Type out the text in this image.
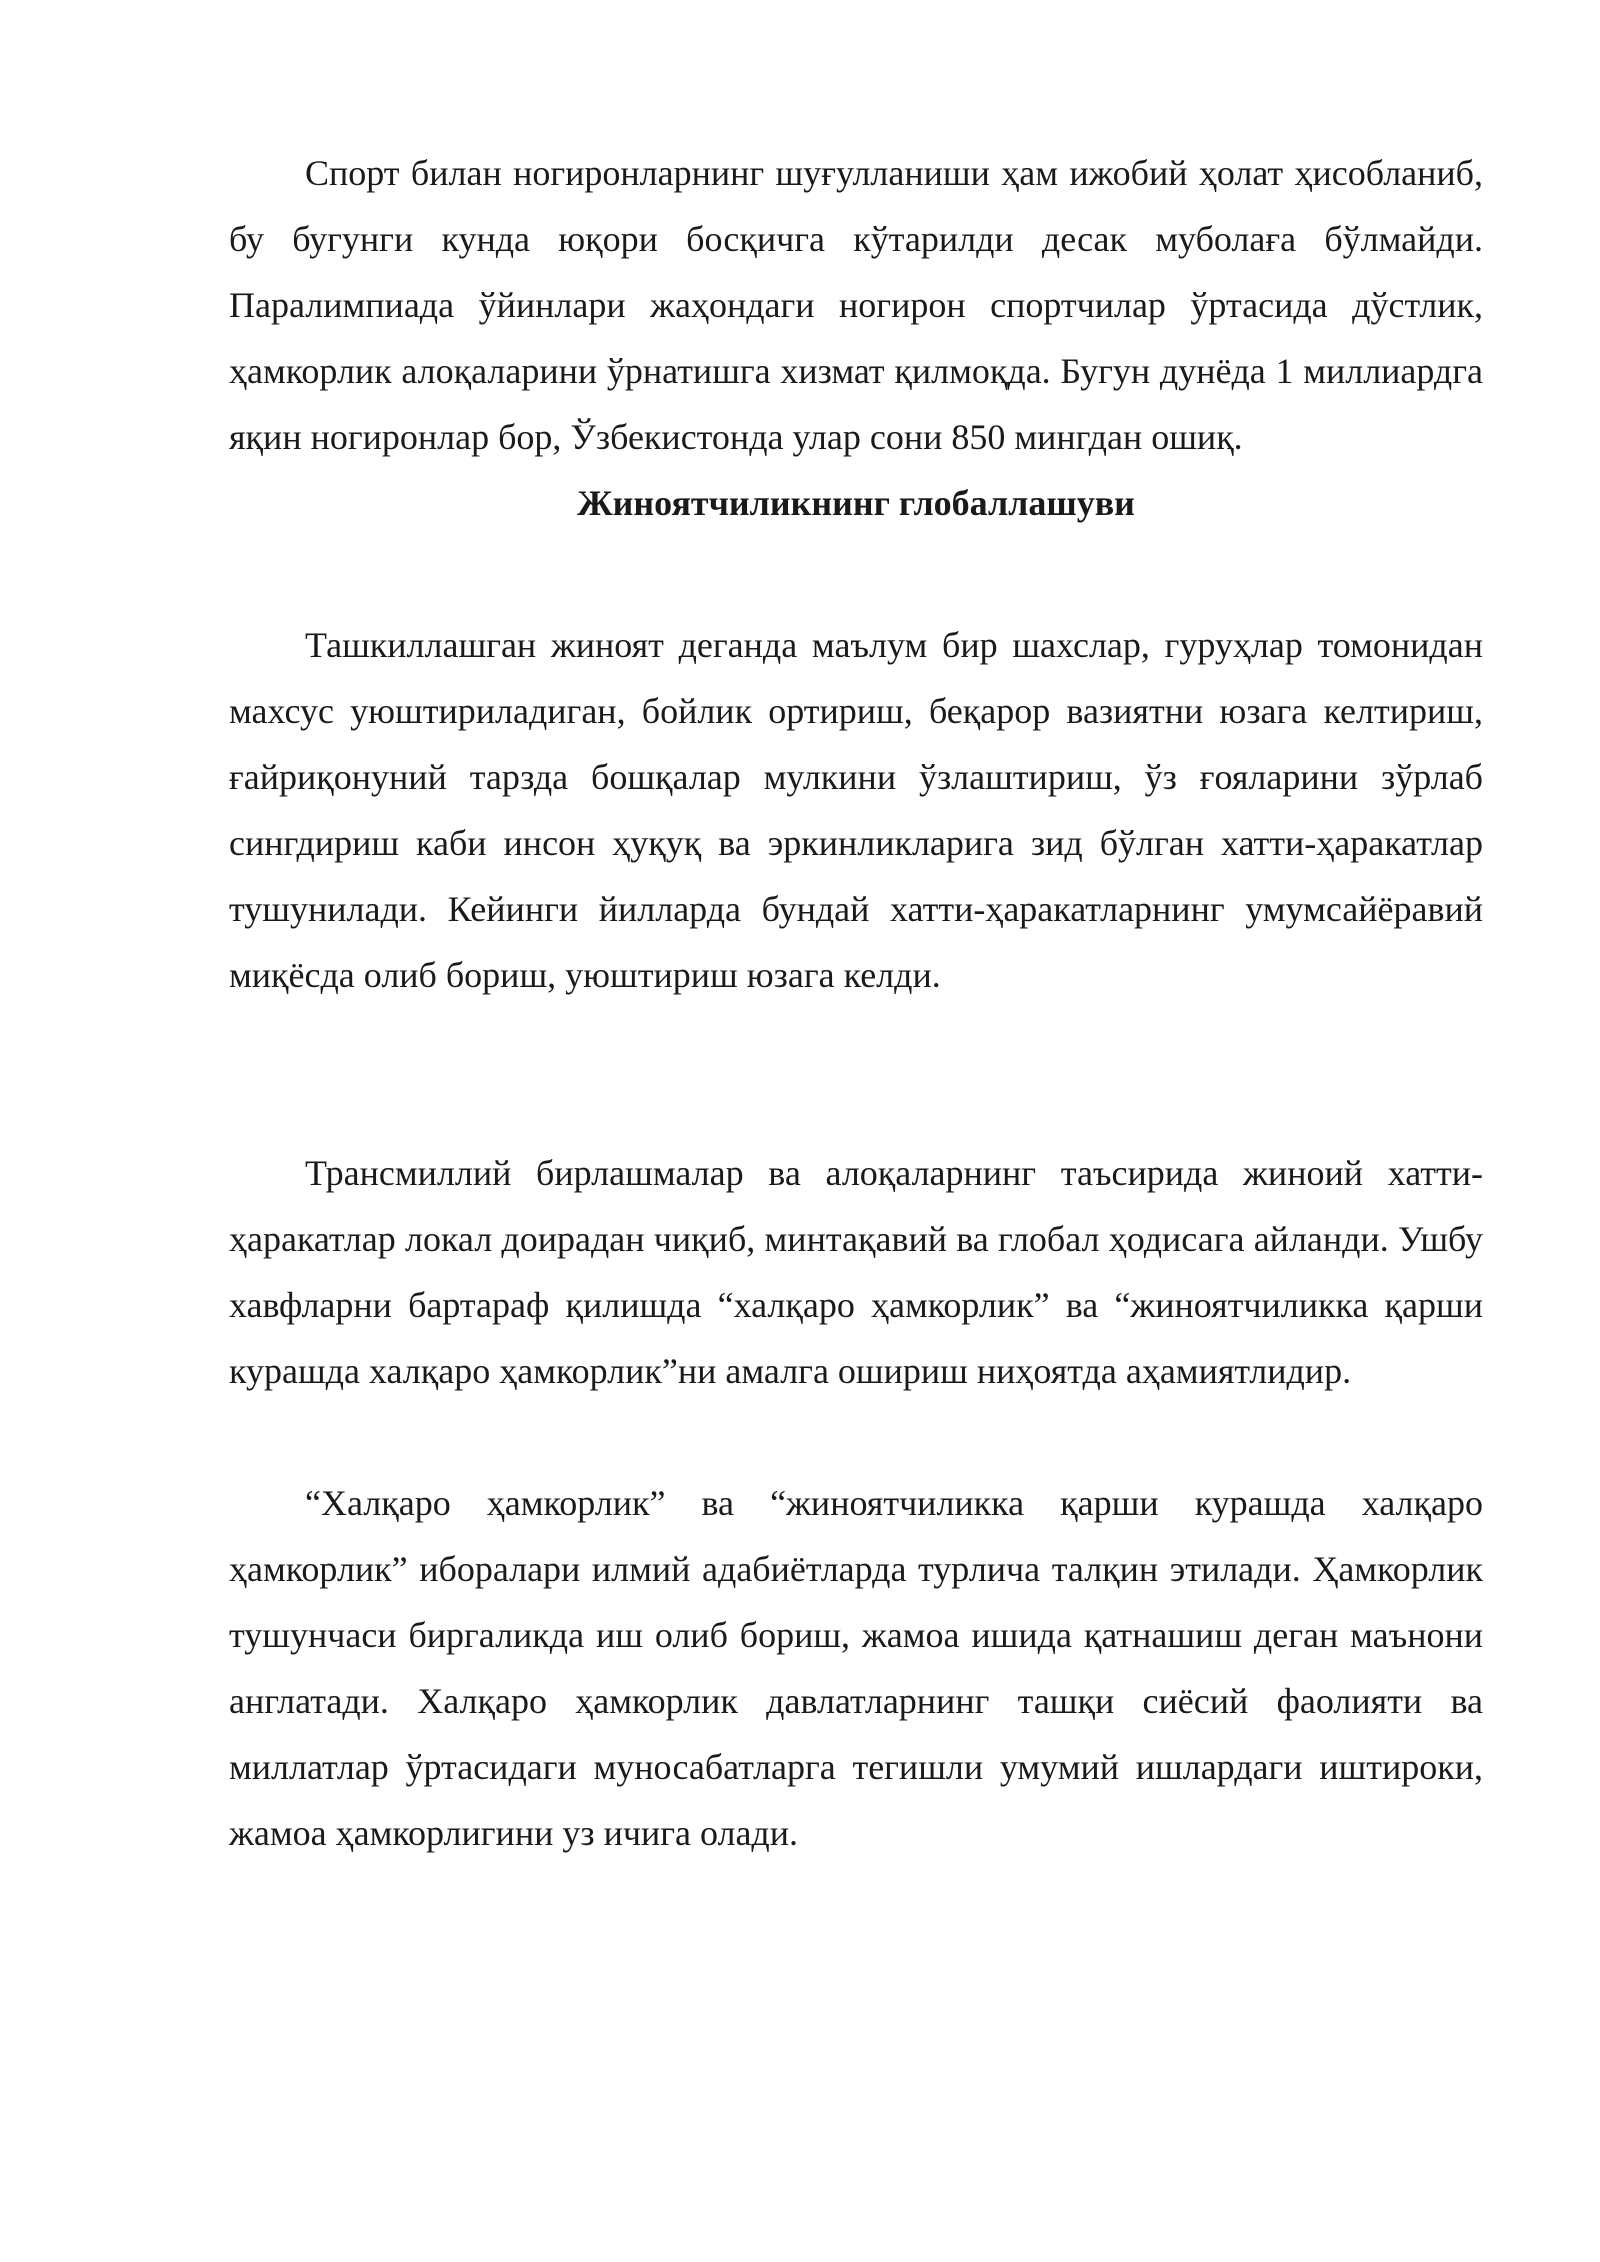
Спорт билан ногиронларнинг шуғулланиши ҳам ижобий ҳолат ҳисобланиб, бу бугунги кунда юқори босқичга кўтарилди десак муболаға бўлмайди. Паралимпиада ўйинлари жаҳондаги ногирон спортчилар ўртасида дўстлик, ҳамкорлик алоқаларини ўрнатишга хизмат қилмоқда. Бугун дунёда 1 миллиардга яқин ногиронлар бор, Ўзбекистонда улар сони 850 мингдан ошиқ.

Жиноятчиликнинг глобаллашуви

Ташкиллашган жиноят деганда маълум бир шахслар, гуруҳлар томонидан махсус уюштириладиган, бойлик ортириш, беқарор вазиятни юзага келтириш, ғайриқонуний тарзда бошқалар мулкини ўзлаштириш, ўз ғояларини зўрлаб сингдириш каби инсон ҳуқуқ ва эркинликларига зид бўлган хатти-ҳаракатлар тушунилади. Кейинги йилларда бундай хатти-ҳаракатларнинг умумсайёравий миқёсда олиб бориш, уюштириш юзага келди.

Трансмиллий бирлашмалар ва алоқаларнинг таъсирида жиноий хатти-ҳаракатлар локал доирадан чиқиб, минтақавий ва глобал ҳодисага айланди. Ушбу хавфларни бартараф қилишда “халқаро ҳамкорлик” ва “жиноятчиликка қарши курашда халқаро ҳамкорлик”ни амалга ошириш ниҳоятда аҳамиятлидир.

“Халқаро ҳамкорлик” ва “жиноятчиликка қарши курашда халқаро ҳамкорлик” иборалари илмий адабиётларда турлича талқин этилади. Ҳамкорлик тушунчаси биргаликда иш олиб бориш, жамоа ишида қатнашиш деган маънони англатади. Халқаро ҳамкорлик давлатларнинг ташқи сиёсий фаолияти ва миллатлар ўртасидаги муносабатларга тегишли умумий ишлардаги иштироки, жамоа ҳамкорлигини уз ичига олади.
